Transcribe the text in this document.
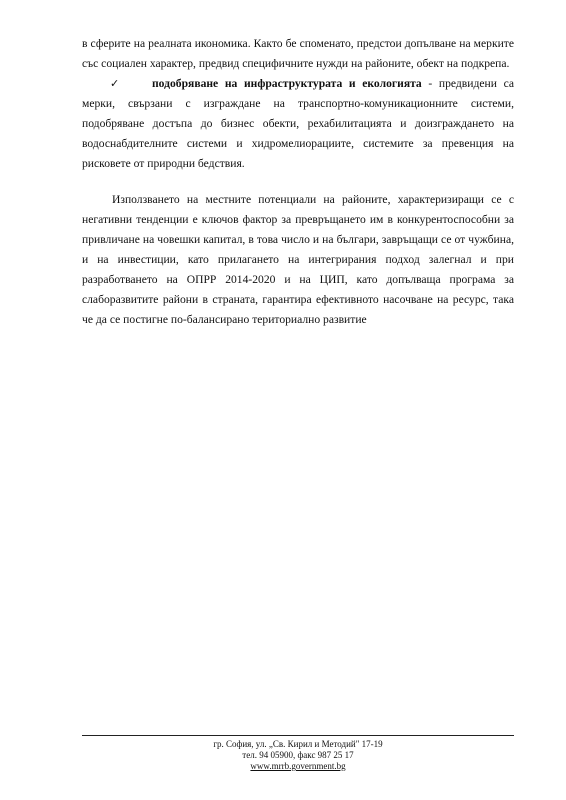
в сферите на реалната икономика. Както бе споменато, предстои допълване на мерките със социален характер, предвид специфичните нужди на районите, обект на подкрепа.
✓	подобряване на инфраструктурата и екологията - предвидени са мерки, свързани с изграждане на транспортно-комуникационните системи, подобряване достъпа до бизнес обекти, рехабилитацията и доизграждането на водоснабдителните системи и хидромелиорациите, системите за превенция на рисковете от природни бедствия.
Използването на местните потенциали на районите, характеризиращи се с негативни тенденции е ключов фактор за превръщането им в конкурентоспособни за привличане на човешки капитал, в това число и на българи, завръщащи се от чужбина, и на инвестиции, като прилагането на интегрирания подход залегнал и при разработването на ОПРР 2014-2020 и на ЦИП, като допълваща програма за слаборазвитите райони в страната, гарантира ефективното насочване на ресурс, така че да се постигне по-балансирано териториално развитие
гр. София, ул. „Св. Кирил и Методий" 17-19
тел. 94 05900, факс 987 25 17
www.mrrb.government.bg
